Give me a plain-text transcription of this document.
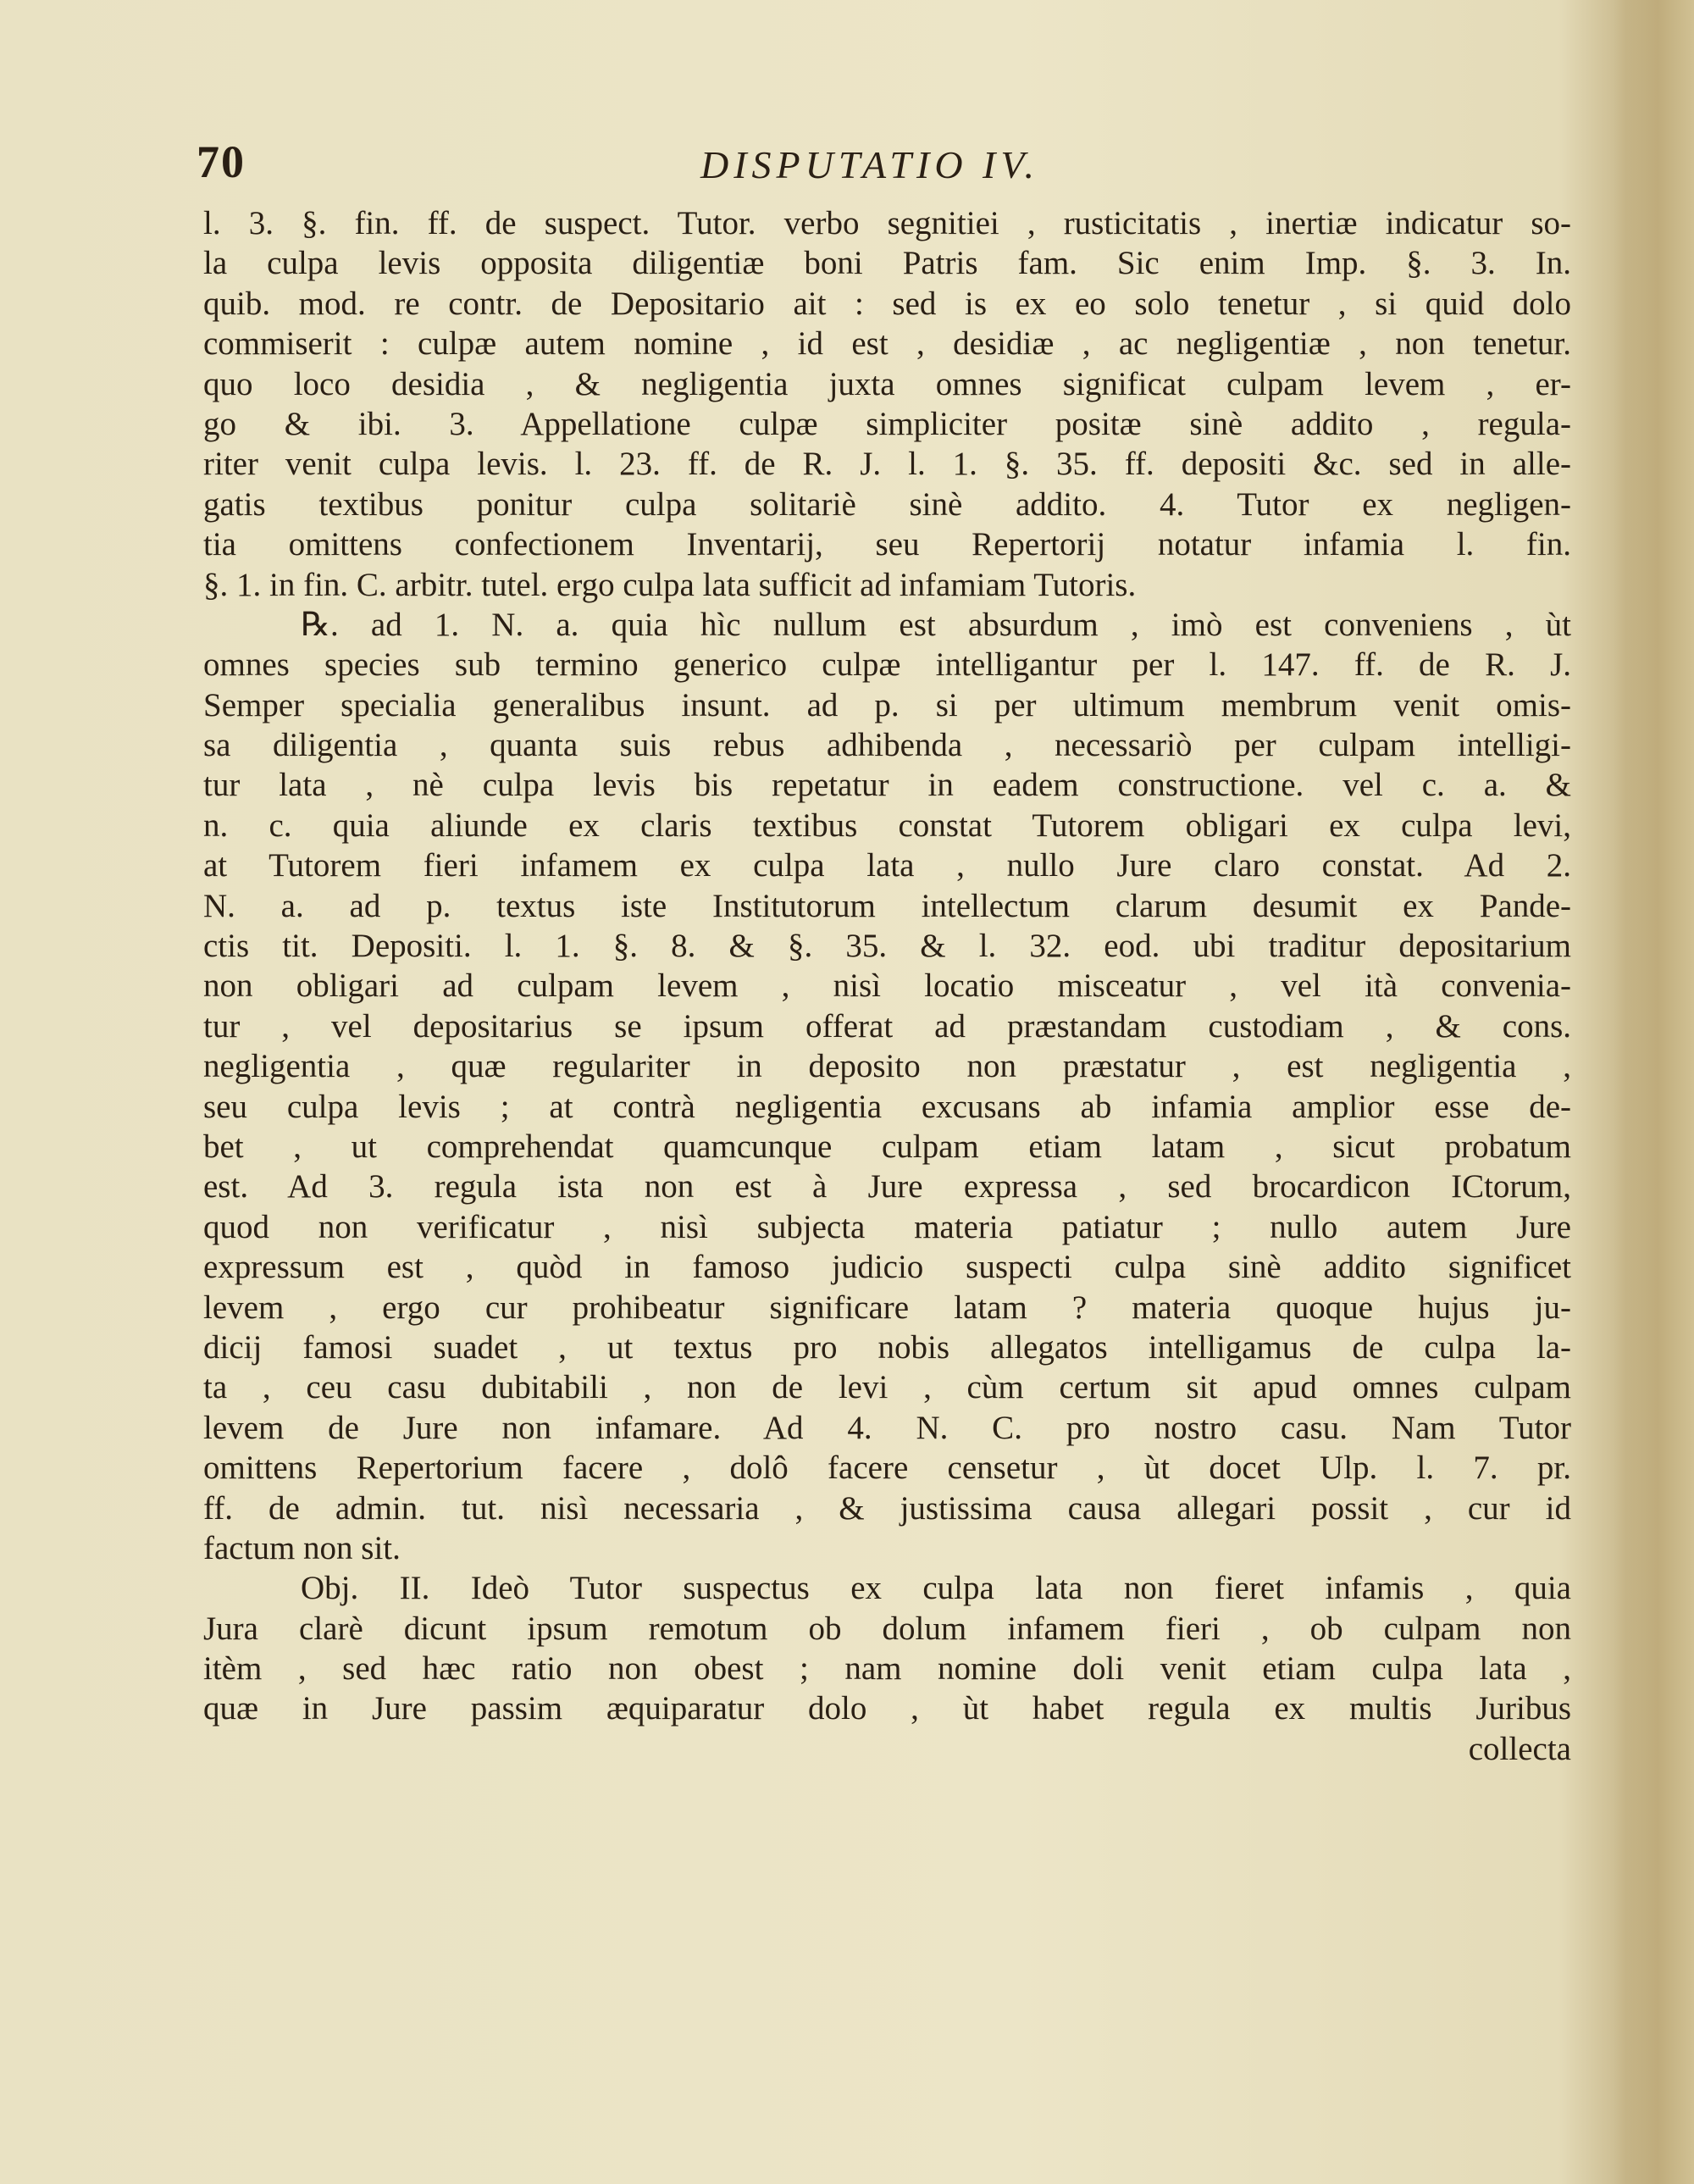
70	DISPUTATIO IV.
l. 3. §. fin. ff. de suspect. Tutor. verbo segnitiei , rusticitatis , inertiæ indicatur so-
la culpa levis opposita diligentiæ boni Patris fam. Sic enim Imp. §. 3. In.
quib. mod. re contr. de Depositario ait : sed is ex eo solo tenetur , si quid dolo
commiserit : culpæ autem nomine , id est , desidiæ , ac negligentiæ , non tenetur.
quo loco desidia , & negligentia juxta omnes significat culpam levem , er-
go & ibi. 3. Appellatione culpæ simpliciter positæ sinè addito , regula-
riter venit culpa levis. l. 23. ff. de R. J. l. 1. §. 35. ff. depositi &c. sed in alle-
gatis textibus ponitur culpa solitariè sinè addito. 4. Tutor ex negligen-
tia omittens confectionem Inventarij, seu Repertorij notatur infamia l. fin.
§. 1. in fin. C. arbitr. tutel. ergo culpa lata sufficit ad infamiam Tutoris.
℞. ad 1. N. a. quia hìc nullum est absurdum , imò est conveniens , ùt
omnes species sub termino generico culpæ intelligantur per l. 147. ff. de R. J.
Semper specialia generalibus insunt. ad p. si per ultimum membrum venit omis-
sa diligentia , quanta suis rebus adhibenda , necessariò per culpam intelligi-
tur lata , nè culpa levis bis repetatur in eadem constructione. vel c. a. &
n. c. quia aliunde ex claris textibus constat Tutorem obligari ex culpa levi,
at Tutorem fieri infamem ex culpa lata , nullo Jure claro constat. Ad 2.
N. a. ad p. textus iste Institutorum intellectum clarum desumit ex Pande-
ctis tit. Depositi. l. 1. §. 8. & §. 35. & l. 32. eod. ubi traditur depositarium
non obligari ad culpam levem , nisì locatio misceatur , vel ità convenia-
tur , vel depositarius se ipsum offerat ad præstandam custodiam , & cons.
negligentia , quæ regulariter in deposito non præstatur , est negligentia ,
seu culpa levis ; at contrà negligentia excusans ab infamia amplior esse de-
bet , ut comprehendat quamcunque culpam etiam latam , sicut probatum
est. Ad 3. regula ista non est à Jure expressa , sed brocardicon ICtorum,
quod non verificatur , nisì subjecta materia patiatur ; nullo autem Jure
expressum est , quòd in famoso judicio suspecti culpa sinè addito significet
levem , ergo cur prohibeatur significare latam ? materia quoque hujus ju-
dicij famosi suadet , ut textus pro nobis allegatos intelligamus de culpa la-
ta , ceu casu dubitabili , non de levi , cùm certum sit apud omnes culpam
levem de Jure non infamare. Ad 4. N. C. pro nostro casu. Nam Tutor
omittens Repertorium facere , dolô facere censetur , ùt docet Ulp. l. 7. pr.
ff. de admin. tut. nisì necessaria , & justissima causa allegari possit , cur id
factum non sit.
Obj. II. Ideò Tutor suspectus ex culpa lata non fieret infamis , quia
Jura clarè dicunt ipsum remotum ob dolum infamem fieri , ob culpam non
itèm , sed hæc ratio non obest ; nam nomine doli venit etiam culpa lata ,
quæ in Jure passim æquiparatur dolo , ùt habet regula ex multis Juribus
collecta
